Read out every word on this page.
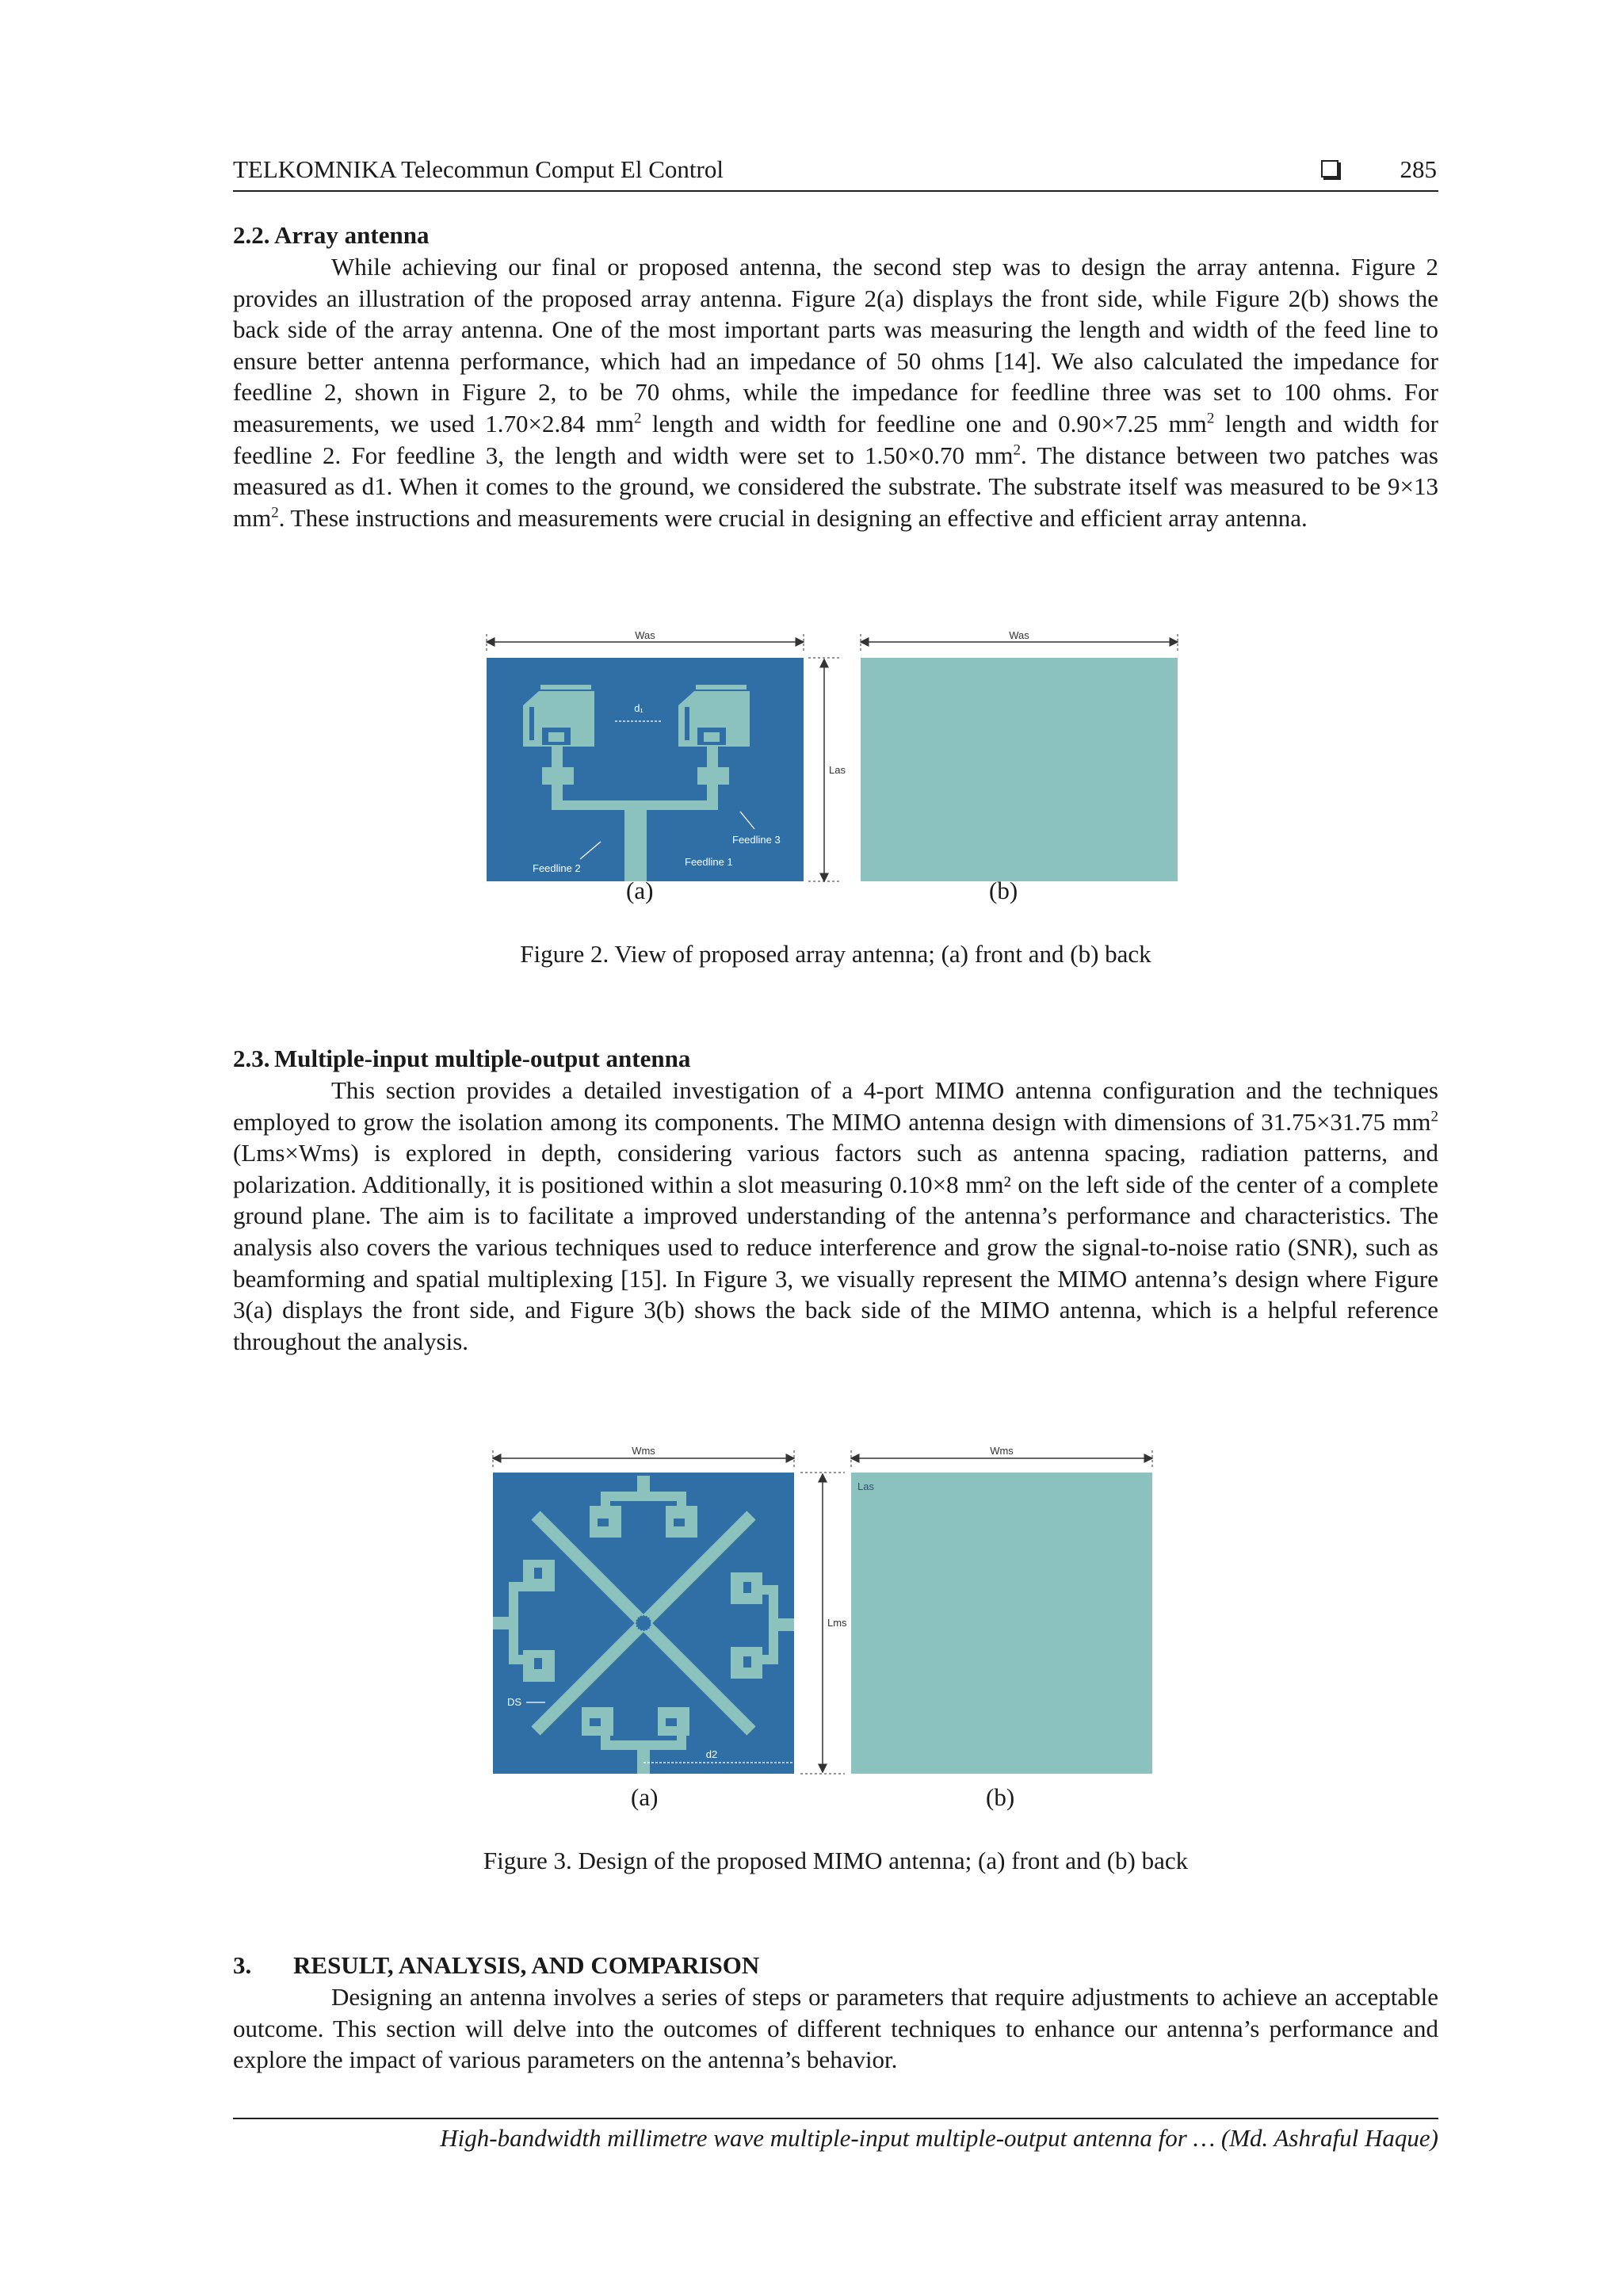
TELKOMNIKA Telecommun Comput El Control	285
2.2. Array antenna
While achieving our final or proposed antenna, the second step was to design the array antenna. Figure 2 provides an illustration of the proposed array antenna. Figure 2(a) displays the front side, while Figure 2(b) shows the back side of the array antenna. One of the most important parts was measuring the length and width of the feed line to ensure better antenna performance, which had an impedance of 50 ohms [14]. We also calculated the impedance for feedline 2, shown in Figure 2, to be 70 ohms, while the impedance for feedline three was set to 100 ohms. For measurements, we used 1.70×2.84 $mm^2$ length and width for feedline one and 0.90×7.25 $mm^2$ length and width for feedline 2. For feedline 3, the length and width were set to 1.50×0.70 $mm^2$. The distance between two patches was measured as d1. When it comes to the ground, we considered the substrate. The substrate itself was measured to be 9×13 $mm^2$. These instructions and measurements were crucial in designing an effective and efficient array antenna.
Was	Was
d₁
Feedline 2
Feedline 1
Feedline 3
Las
(a)	(b)
Figure 2. View of proposed array antenna; (a) front and (b) back
2.3. Multiple-input multiple-output antenna
This section provides a detailed investigation of a 4-port MIMO antenna configuration and the techniques employed to grow the isolation among its components. The MIMO antenna design with dimensions of 31.75×31.75 $mm^2$ (Lms×Wms) is explored in depth, considering various factors such as antenna spacing, radiation patterns, and polarization. Additionally, it is positioned within a slot measuring 0.10×8 mm² on the left side of the center of a complete ground plane. The aim is to facilitate a improved understanding of the antenna’s performance and characteristics. The analysis also covers the various techniques used to reduce interference and grow the signal-to-noise ratio (SNR), such as beamforming and spatial multiplexing [15]. In Figure 3, we visually represent the MIMO antenna’s design where Figure 3(a) displays the front side, and Figure 3(b) shows the back side of the MIMO antenna, which is a helpful reference throughout the analysis.
Wms	Wms
DS
d2
Lms
Las
(a)	(b)
Figure 3. Design of the proposed MIMO antenna; (a) front and (b) back
3. RESULT, ANALYSIS, AND COMPARISON
Designing an antenna involves a series of steps or parameters that require adjustments to achieve an acceptable outcome. This section will delve into the outcomes of different techniques to enhance our antenna’s performance and explore the impact of various parameters on the antenna’s behavior.
High-bandwidth millimetre wave multiple-input multiple-output antenna for … (Md. Ashraful Haque)
